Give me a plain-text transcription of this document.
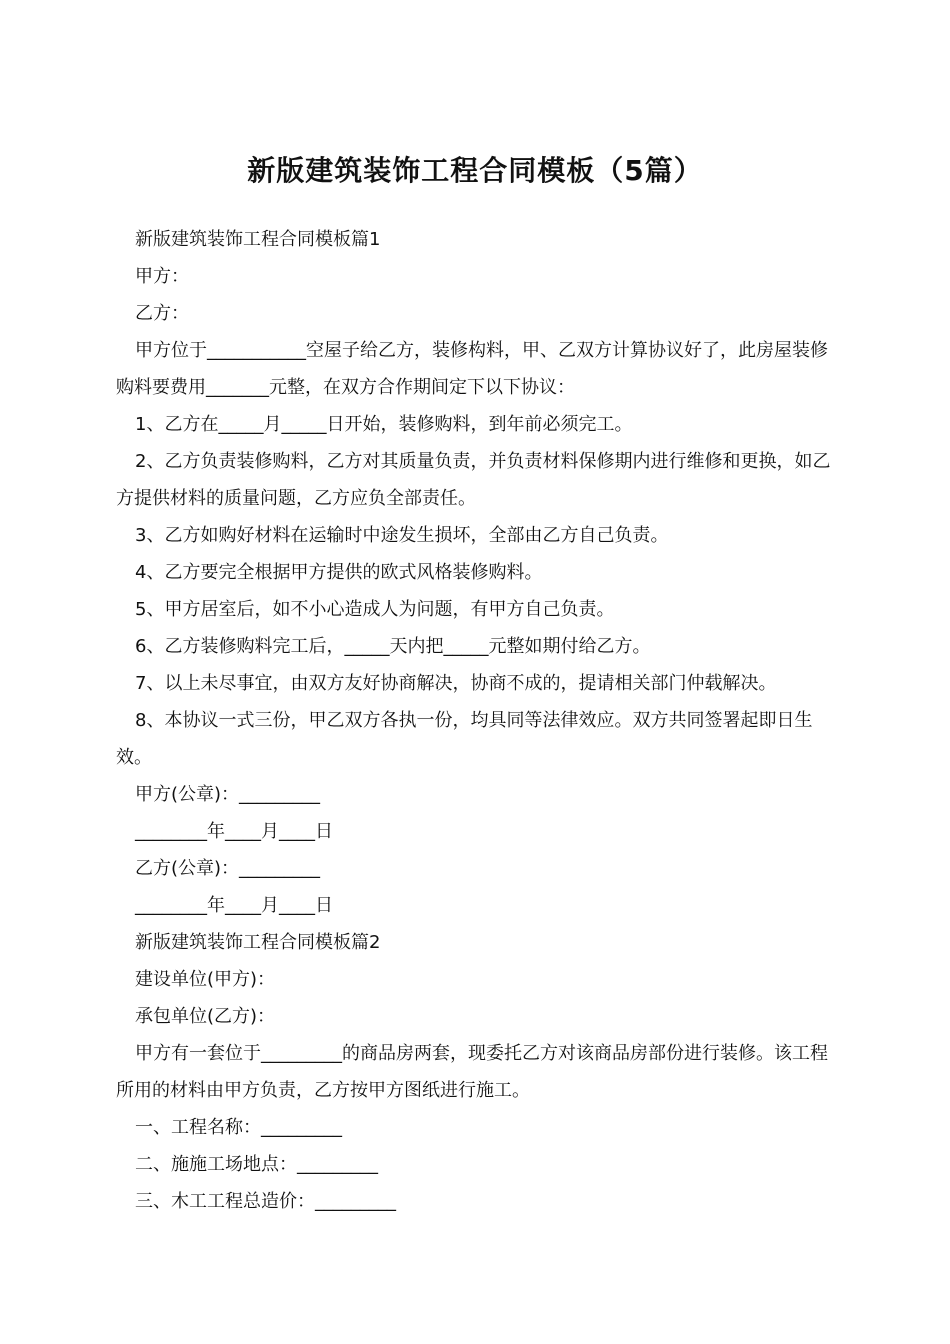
新版建筑装饰工程合同模板（5篇）

新版建筑装饰工程合同模板篇1

甲方：

乙方：

甲方位于___________空屋子给乙方，装修构料，甲、乙双方计算协议好了，此房屋装修购料要费用_______元整，在双方合作期间定下以下协议：

1、乙方在_____月_____日开始，装修购料，到年前必须完工。

2、乙方负责装修购料，乙方对其质量负责，并负责材料保修期内进行维修和更换，如乙方提供材料的质量问题，乙方应负全部责任。

3、乙方如购好材料在运输时中途发生损坏，全部由乙方自己负责。

4、乙方要完全根据甲方提供的欧式风格装修购料。

5、甲方居室后，如不小心造成人为问题，有甲方自己负责。

6、乙方装修购料完工后，_____天内把_____元整如期付给乙方。

7、以上未尽事宜，由双方友好协商解决，协商不成的，提请相关部门仲载解决。

8、本协议一式三份，甲乙双方各执一份，均具同等法律效应。双方共同签署起即日生效。

甲方(公章)：_________

________年____月____日

乙方(公章)：_________

________年____月____日

新版建筑装饰工程合同模板篇2

建设单位(甲方)：

承包单位(乙方)：

甲方有一套位于_________的商品房两套，现委托乙方对该商品房部份进行装修。该工程所用的材料由甲方负责，乙方按甲方图纸进行施工。

一、工程名称：_________

二、施施工场地点：_________

三、木工工程总造价：_________
